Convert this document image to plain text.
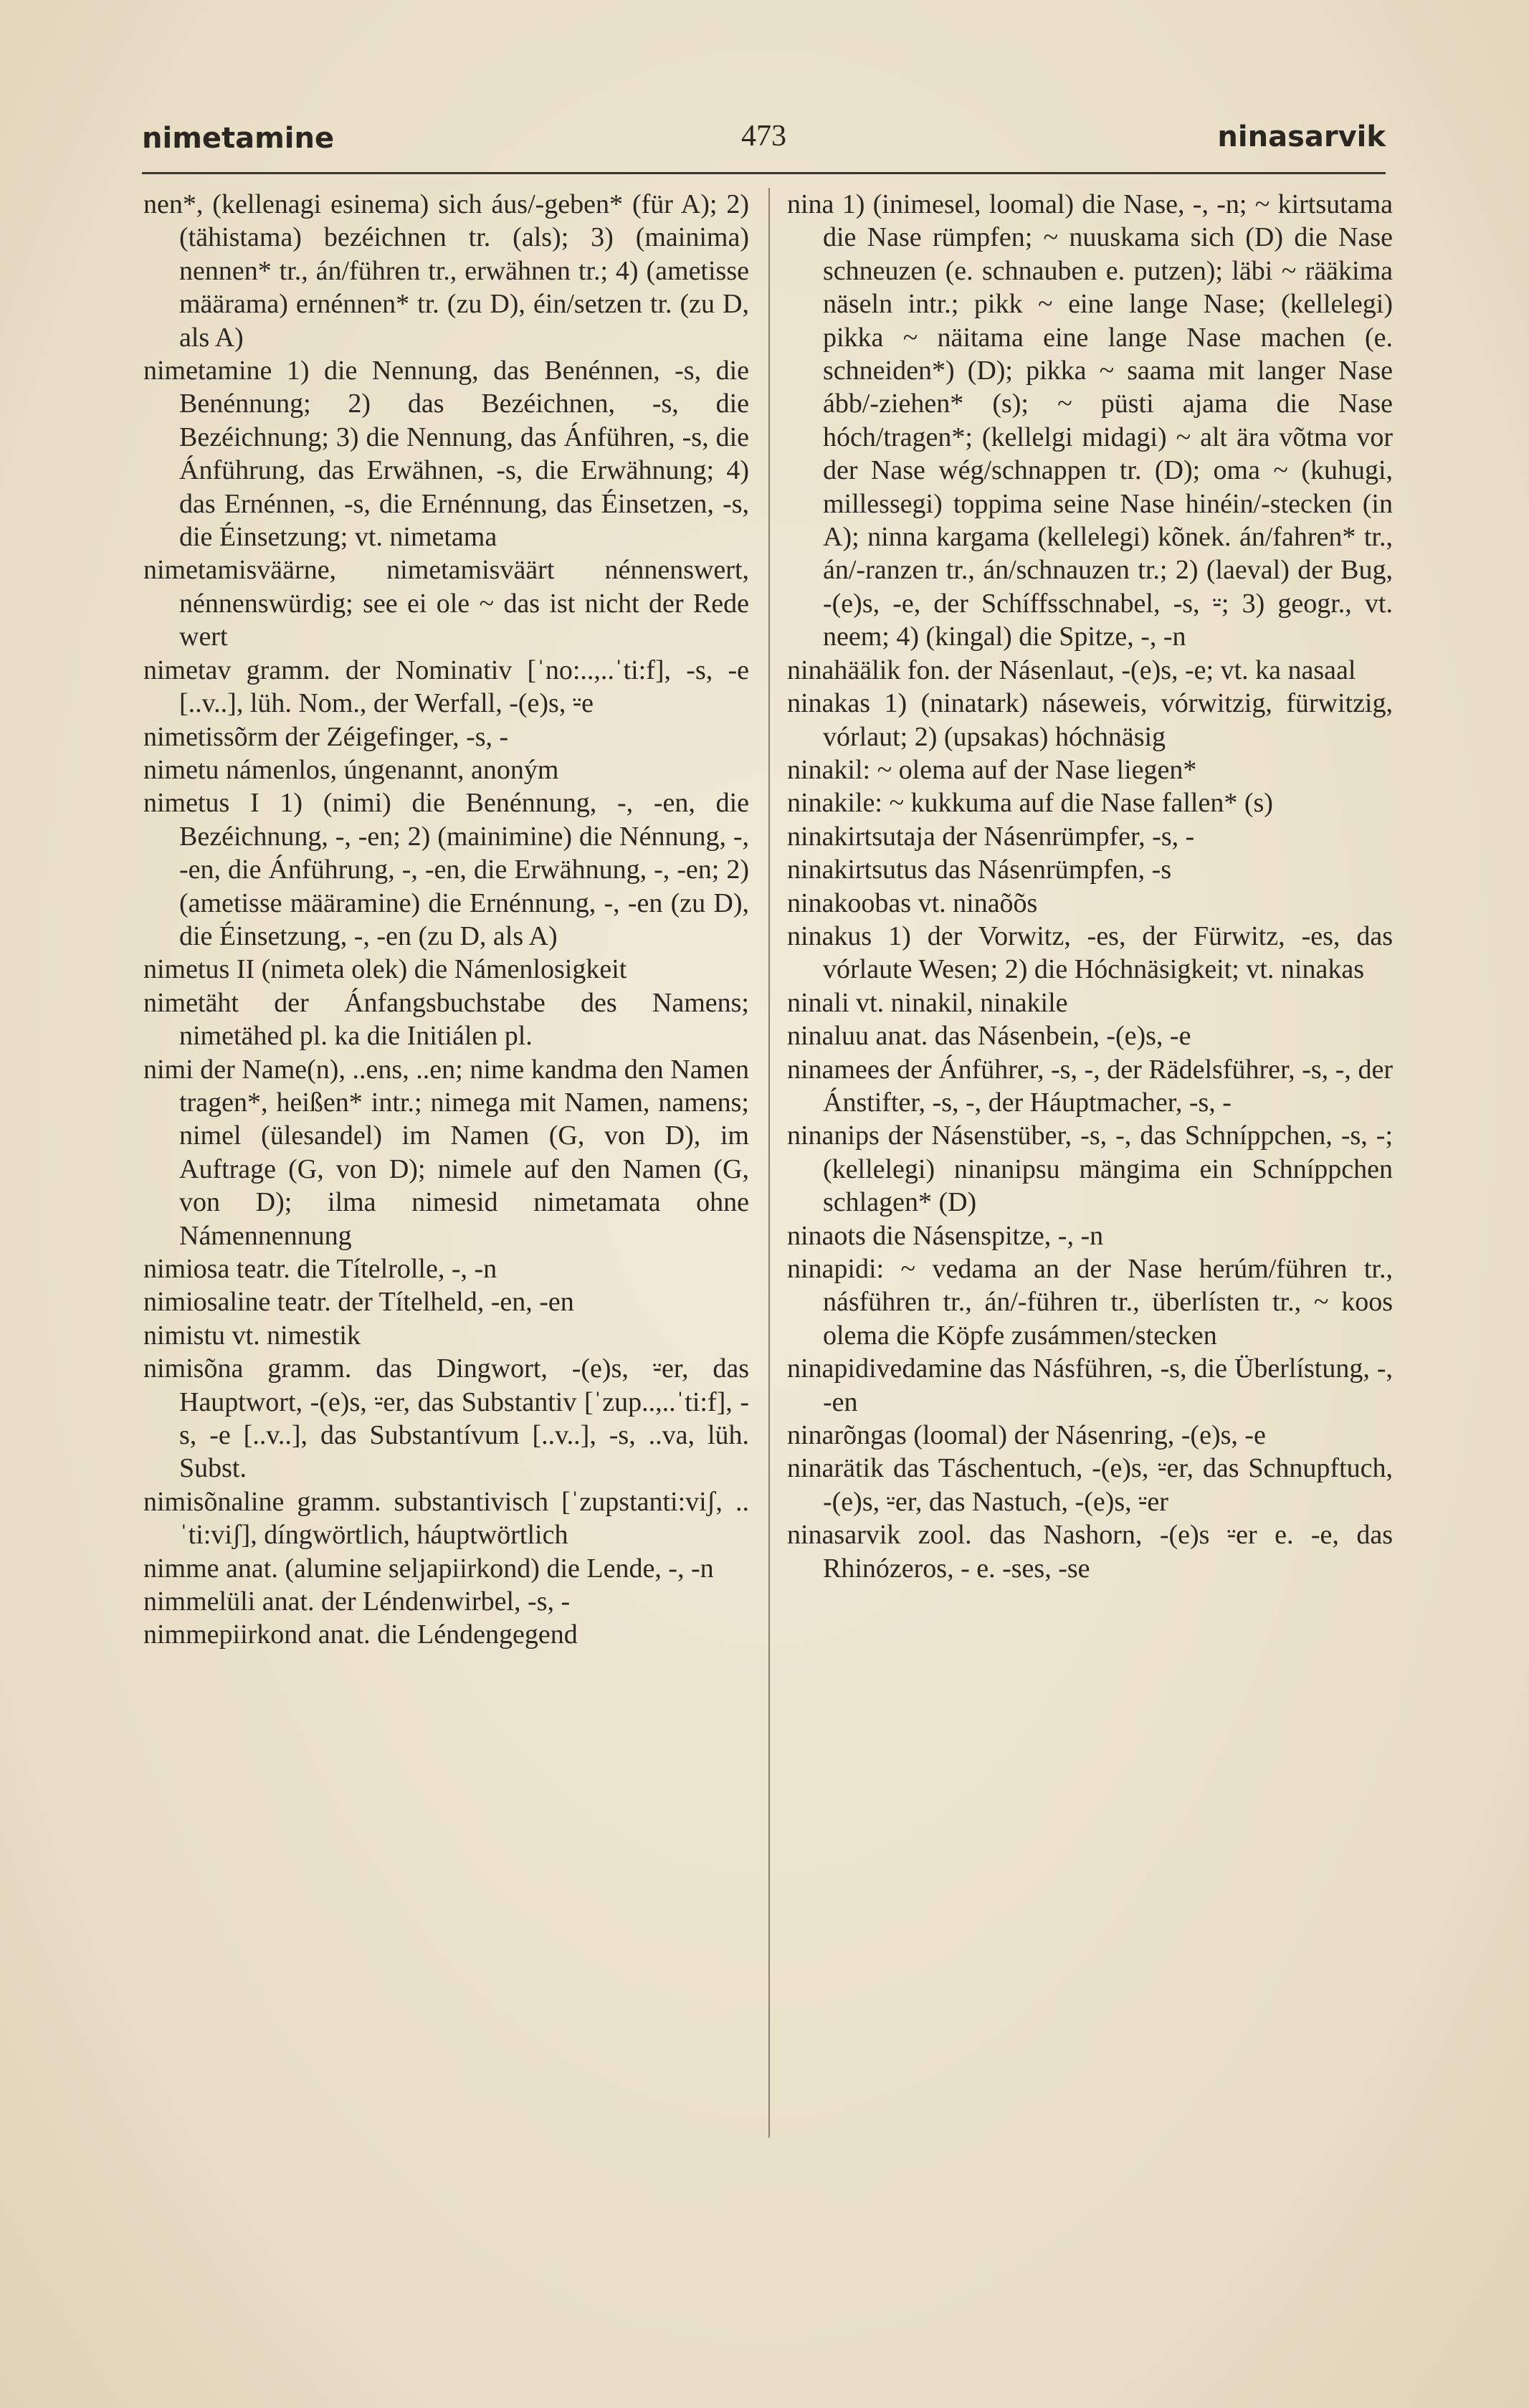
nimetamine	473	ninasarvik

nen*, (kellenagi esinema) sich áus/-geben* (für A); 2) (tähistama) bezéichnen tr. (als); 3) (mainima) nennen* tr., án/führen tr., erwähnen tr.; 4) (ametisse määrama) ernénnen* tr. (zu D), éin/setzen tr. (zu D, als A)

nimetamine 1) die Nennung, das Benénnen, -s, die Benénnung; 2) das Bezéichnen, -s, die Bezéichnung; 3) die Nennung, das Ánführen, -s, die Ánführung, das Erwähnen, -s, die Erwähnung; 4) das Ernénnen, -s, die Ernénnung, das Éinsetzen, -s, die Éinsetzung; vt. nimetama

nimetamisväärne, nimetamisväärt nénnenswert, nénnenswürdig; see ei ole ~ das ist nicht der Rede wert

nimetav gramm. der Nominativ [ˈno:..,..ˈti:f], -s, -e [..v..], lüh. Nom., der Werfall, -(e)s, ⸚e

nimetissõrm der Zéigefinger, -s, -

nimetu námenlos, úngenannt, anoným

nimetus I 1) (nimi) die Benénnung, -, -en, die Bezéichnung, -, -en; 2) (mainimine) die Nénnung, -, -en, die Ánführung, -, -en, die Erwähnung, -, -en; 2) (ametisse määramine) die Ernénnung, -, -en (zu D), die Éinsetzung, -, -en (zu D, als A)

nimetus II (nimeta olek) die Námenlosigkeit

nimetäht der Ánfangsbuchstabe des Namens; nimetähed pl. ka die Initiálen pl.

nimi der Name(n), ..ens, ..en; nime kandma den Namen tragen*, heißen* intr.; nimega mit Namen, namens; nimel (ülesandel) im Namen (G, von D), im Auftrage (G, von D); nimele auf den Namen (G, von D); ilma nimesid nimetamata ohne Námennennung

nimiosa teatr. die Títelrolle, -, -n

nimiosaline teatr. der Títelheld, -en, -en

nimistu vt. nimestik

nimisõna gramm. das Dingwort, -(e)s, ⸚er, das Hauptwort, -(e)s, ⸚er, das Substantiv [ˈzup..,..ˈti:f], -s, -e [..v..], das Substantívum [..v..], -s, ..va, lüh. Subst.

nimisõnaline gramm. substantivisch [ˈzupstanti:viʃ, ..ˈti:viʃ], díngwörtlich, háuptwörtlich

nimme anat. (alumine seljapiirkond) die Lende, -, -n

nimmelüli anat. der Léndenwirbel, -s, -

nimmepiirkond anat. die Léndengegend

nina 1) (inimesel, loomal) die Nase, -, -n; ~ kirtsutama die Nase rümpfen; ~ nuuskama sich (D) die Nase schneuzen (e. schnauben e. putzen); läbi ~ rääkima näseln intr.; pikk ~ eine lange Nase; (kellelegi) pikka ~ näitama eine lange Nase machen (e. schneiden*) (D); pikka ~ saama mit langer Nase ább/-ziehen* (s); ~ püsti ajama die Nase hóch/tragen*; (kellelgi midagi) ~ alt ära võtma vor der Nase wég/schnappen tr. (D); oma ~ (kuhugi, millessegi) toppima seine Nase hinéin/-stecken (in A); ninna kargama (kellelegi) kõnek. án/fahren* tr., án/-ranzen tr., án/schnauzen tr.; 2) (laeval) der Bug, -(e)s, -e, der Schíffsschnabel, -s, ⸚; 3) geogr., vt. neem; 4) (kingal) die Spitze, -, -n

ninahäälik fon. der Násenlaut, -(e)s, -e; vt. ka nasaal

ninakas 1) (ninatark) náseweis, vórwitzig, fürwitzig, vórlaut; 2) (upsakas) hóchnäsig

ninakil: ~ olema auf der Nase liegen*

ninakile: ~ kukkuma auf die Nase fallen* (s)

ninakirtsutaja der Násenrümpfer, -s, -

ninakirtsutus das Násenrümpfen, -s

ninakoobas vt. ninaõõs

ninakus 1) der Vorwitz, -es, der Fürwitz, -es, das vórlaute Wesen; 2) die Hóchnäsigkeit; vt. ninakas

ninali vt. ninakil, ninakile

ninaluu anat. das Násenbein, -(e)s, -e

ninamees der Ánführer, -s, -, der Rädelsführer, -s, -, der Ánstifter, -s, -, der Háuptmacher, -s, -

ninanips der Násenstüber, -s, -, das Schníppchen, -s, -; (kellelegi) ninanipsu mängima ein Schníppchen schlagen* (D)

ninaots die Násenspitze, -, -n

ninapidi: ~ vedama an der Nase herúm/führen tr., násführen tr., án/-führen tr., überlísten tr., ~ koos olema die Köpfe zusámmen/stecken

ninapidivedamine das Násführen, -s, die Überlístung, -, -en

ninarõngas (loomal) der Násenring, -(e)s, -e

ninarätik das Táschentuch, -(e)s, ⸚er, das Schnupftuch, -(e)s, ⸚er, das Nastuch, -(e)s, ⸚er

ninasarvik zool. das Nashorn, -(e)s ⸚er e. -e, das Rhinózeros, - e. -ses, -se
